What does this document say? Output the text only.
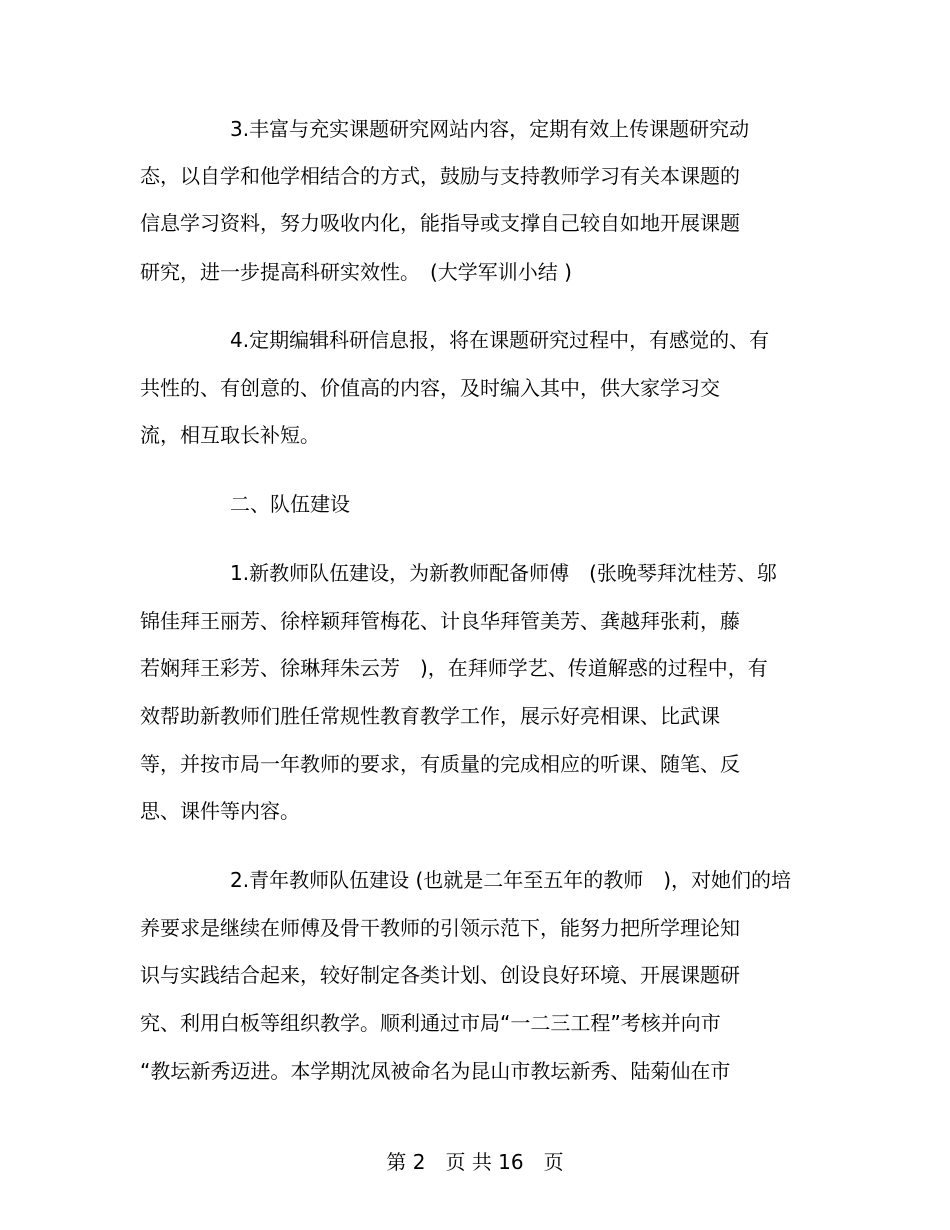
3.丰富与充实课题研究网站内容，定期有效上传课题研究动
态，以自学和他学相结合的方式，鼓励与支持教师学习有关本课题的
信息学习资料，努力吸收内化，能指导或支撑自己较自如地开展课题
研究，进一步提高科研实效性。　(大学军训小结 )
4.定期编辑科研信息报，将在课题研究过程中，有感觉的、有
共性的、有创意的、价值高的内容，及时编入其中，供大家学习交
流，相互取长补短。
二、队伍建设
1.新教师队伍建设，为新教师配备师傅　(张晚琴拜沈桂芳、邬
锦佳拜王丽芳、徐梓颖拜管梅花、计良华拜管美芳、龚越拜张莉，藤
若娴拜王彩芳、徐琳拜朱云芳　)，在拜师学艺、传道解惑的过程中，有
效帮助新教师们胜任常规性教育教学工作，展示好亮相课、比武课
等，并按市局一年教师的要求，有质量的完成相应的听课、随笔、反
思、课件等内容。
2.青年教师队伍建设 (也就是二年至五年的教师　)，对她们的培
养要求是继续在师傅及骨干教师的引领示范下，能努力把所学理论知
识与实践结合起来，较好制定各类计划、创设良好环境、开展课题研
究、利用白板等组织教学。顺利通过市局“一二三工程”考核并向市
“教坛新秀迈进。本学期沈凤被命名为昆山市教坛新秀、陆菊仙在市
第 2　页 共 16　页
